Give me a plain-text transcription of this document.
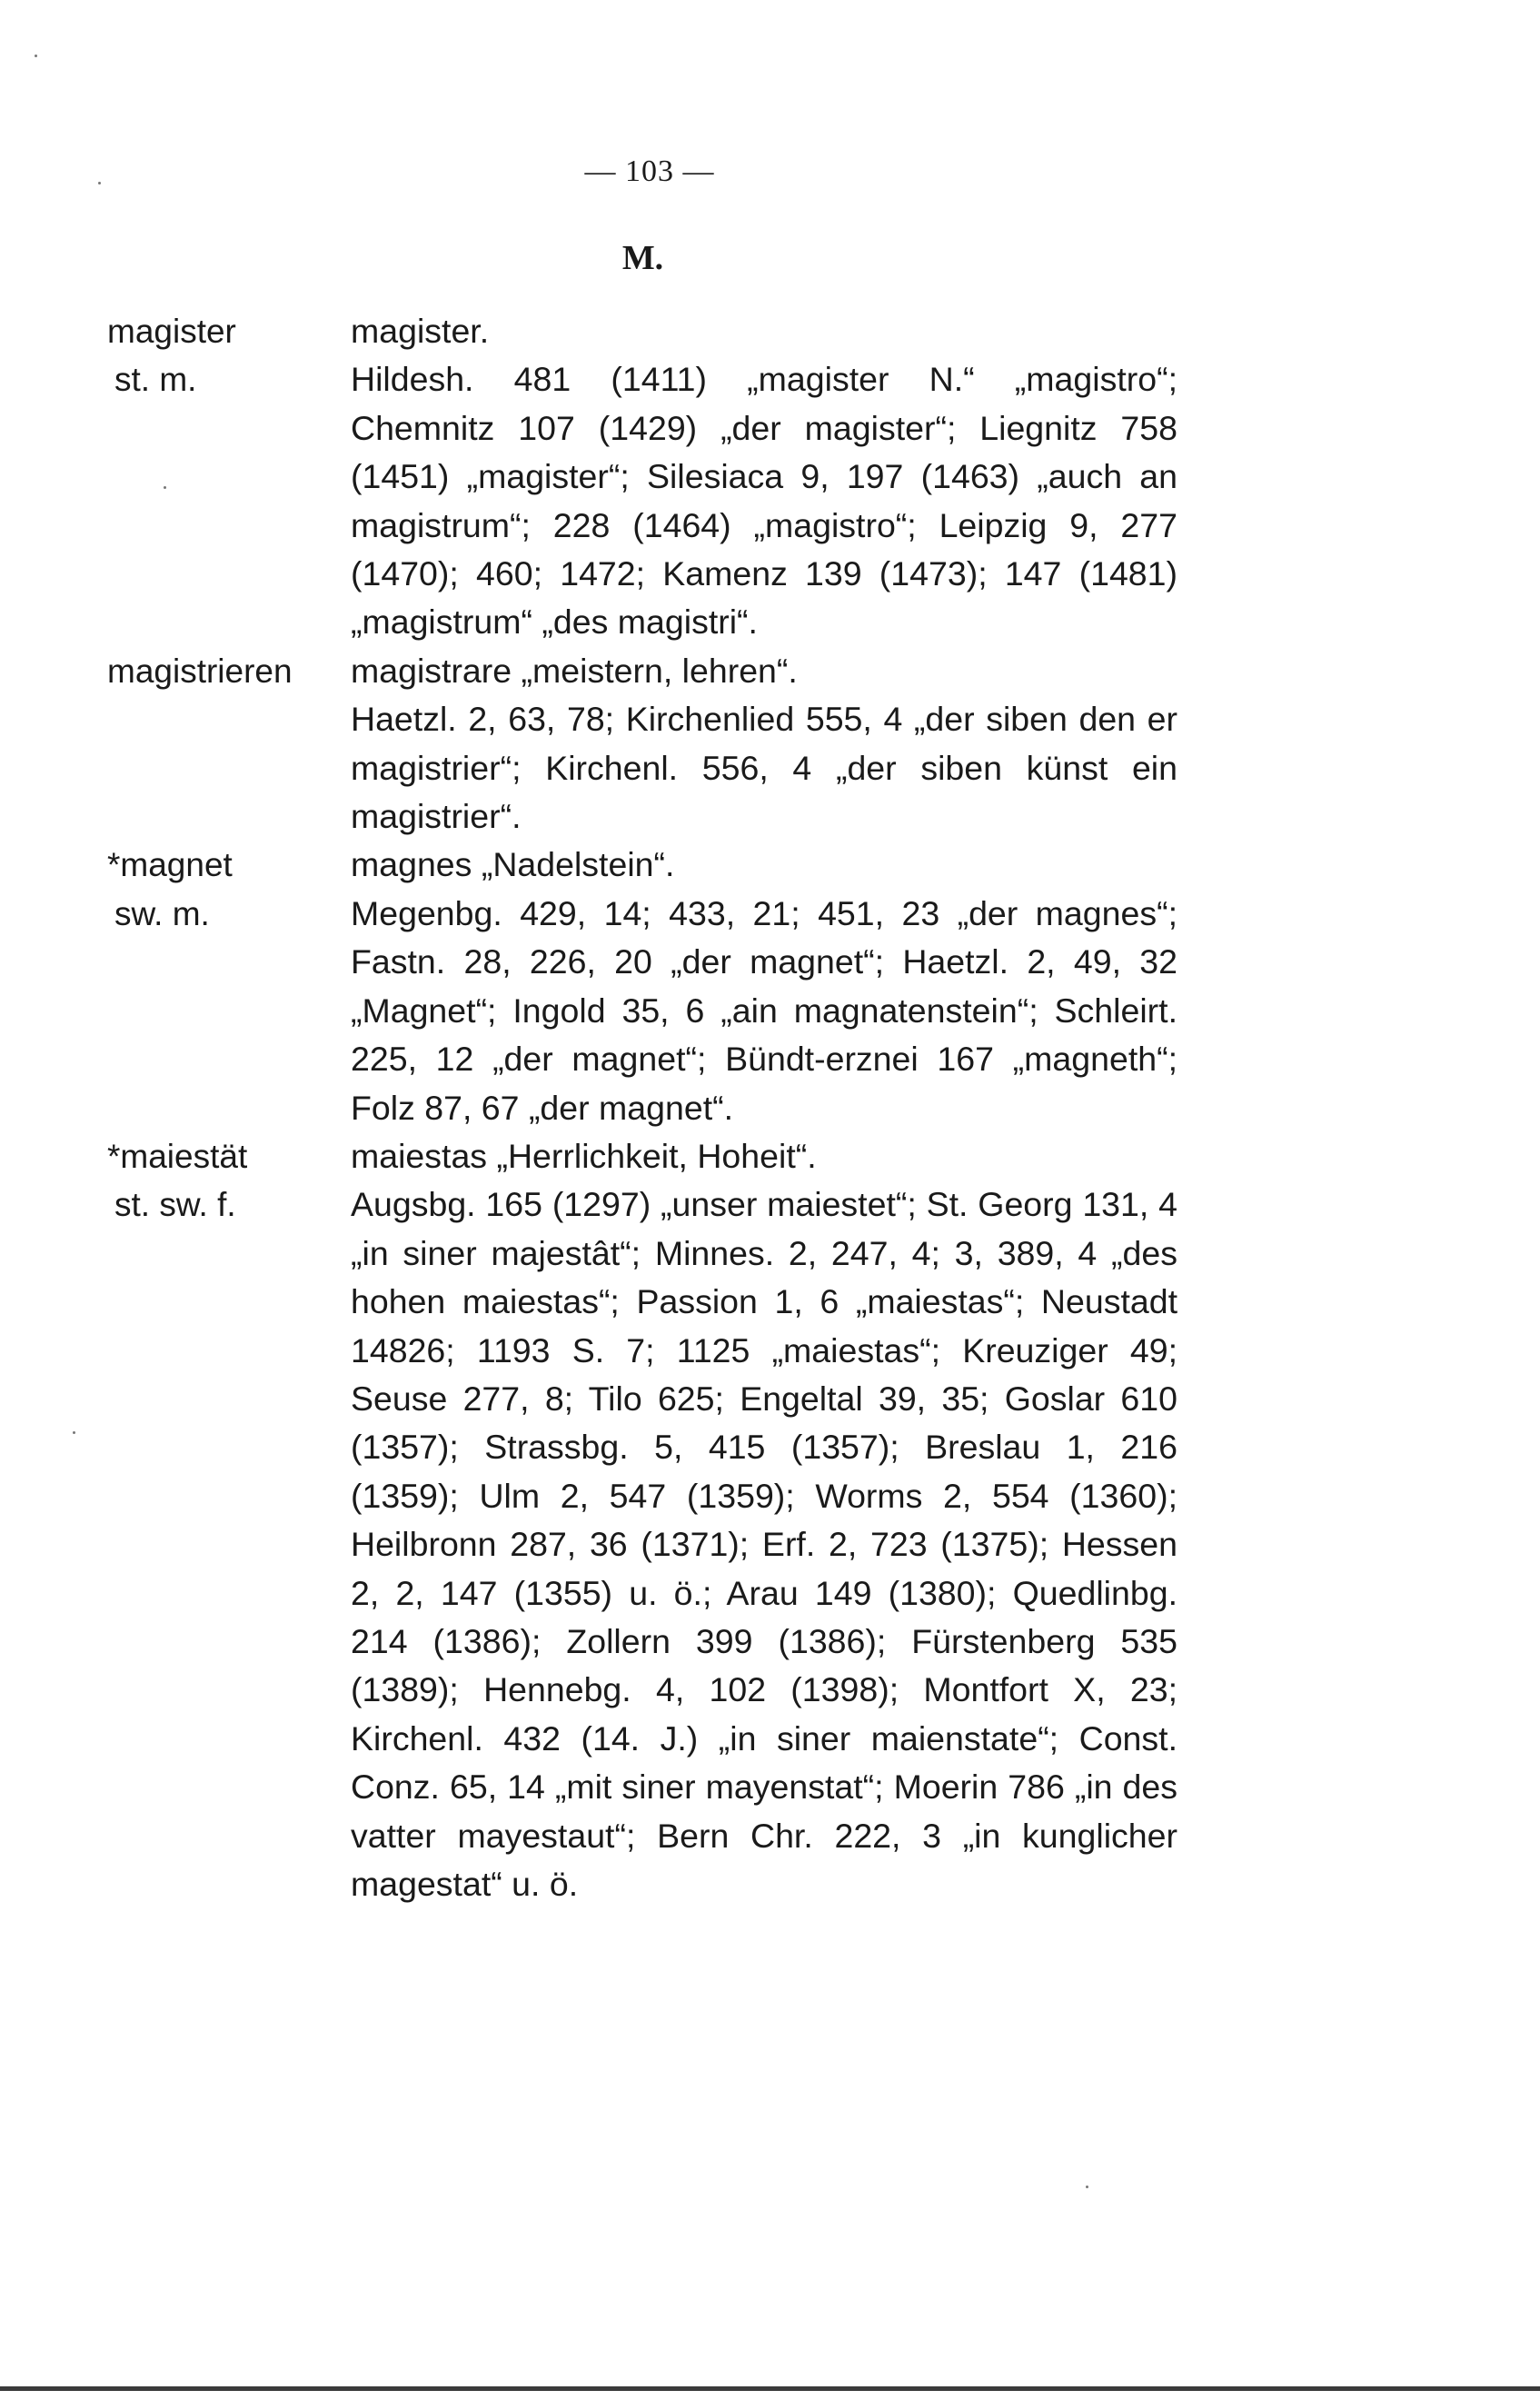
— 103 —
M.
magister
st. m.
magister.
Hildesh. 481 (1411) „magister N.“ „magistro“; Chemnitz 107 (1429) „der magister“; Liegnitz 758 (1451) „magister“; Silesiaca 9, 197 (1463) „auch an magistrum“; 228 (1464) „magistro“; Leipzig 9, 277 (1470); 460; 1472; Kamenz 139 (1473); 147 (1481) „magistrum“ „des magistri“.
magistrieren	magistrare „meistern, lehren“.
Haetzl. 2, 63, 78; Kirchenlied 555, 4 „der siben den er magistrier“; Kirchenl. 556, 4 „der siben künst ein magistrier“.
*magnet
sw. m.
magnes „Nadelstein“.
Megenbg. 429, 14; 433, 21; 451, 23 „der magnes“; Fastn. 28, 226, 20 „der magnet“; Haetzl. 2, 49, 32 „Magnet“; Ingold 35, 6 „ain magnatenstein“; Schleirt. 225, 12 „der magnet“; Bündt-erznei 167 „magneth“; Folz 87, 67 „der magnet“.
*maiestät
st. sw. f.
maiestas „Herrlichkeit, Hoheit“.
Augsbg. 165 (1297) „unser maiestet“; St. Georg 131, 4 „in siner majestât“; Minnes. 2, 247, 4; 3, 389, 4 „des hohen maiestas“; Passion 1, 6 „maiestas“; Neustadt 14826; 1193 S. 7; 1125 „maiestas“; Kreuziger 49; Seuse 277, 8; Tilo 625; Engeltal 39, 35; Goslar 610 (1357); Strassbg. 5, 415 (1357); Breslau 1, 216 (1359); Ulm 2, 547 (1359); Worms 2, 554 (1360); Heilbronn 287, 36 (1371); Erf. 2, 723 (1375); Hessen 2, 2, 147 (1355) u. ö.; Arau 149 (1380); Quedlinbg. 214 (1386); Zollern 399 (1386); Fürstenberg 535 (1389); Hennebg. 4, 102 (1398); Montfort X, 23; Kirchenl. 432 (14. J.) „in siner maienstate“; Const. Conz. 65, 14 „mit siner mayenstat“; Moerin 786 „in des vatter mayestaut“; Bern Chr. 222, 3 „in kunglicher magestat“ u. ö.
